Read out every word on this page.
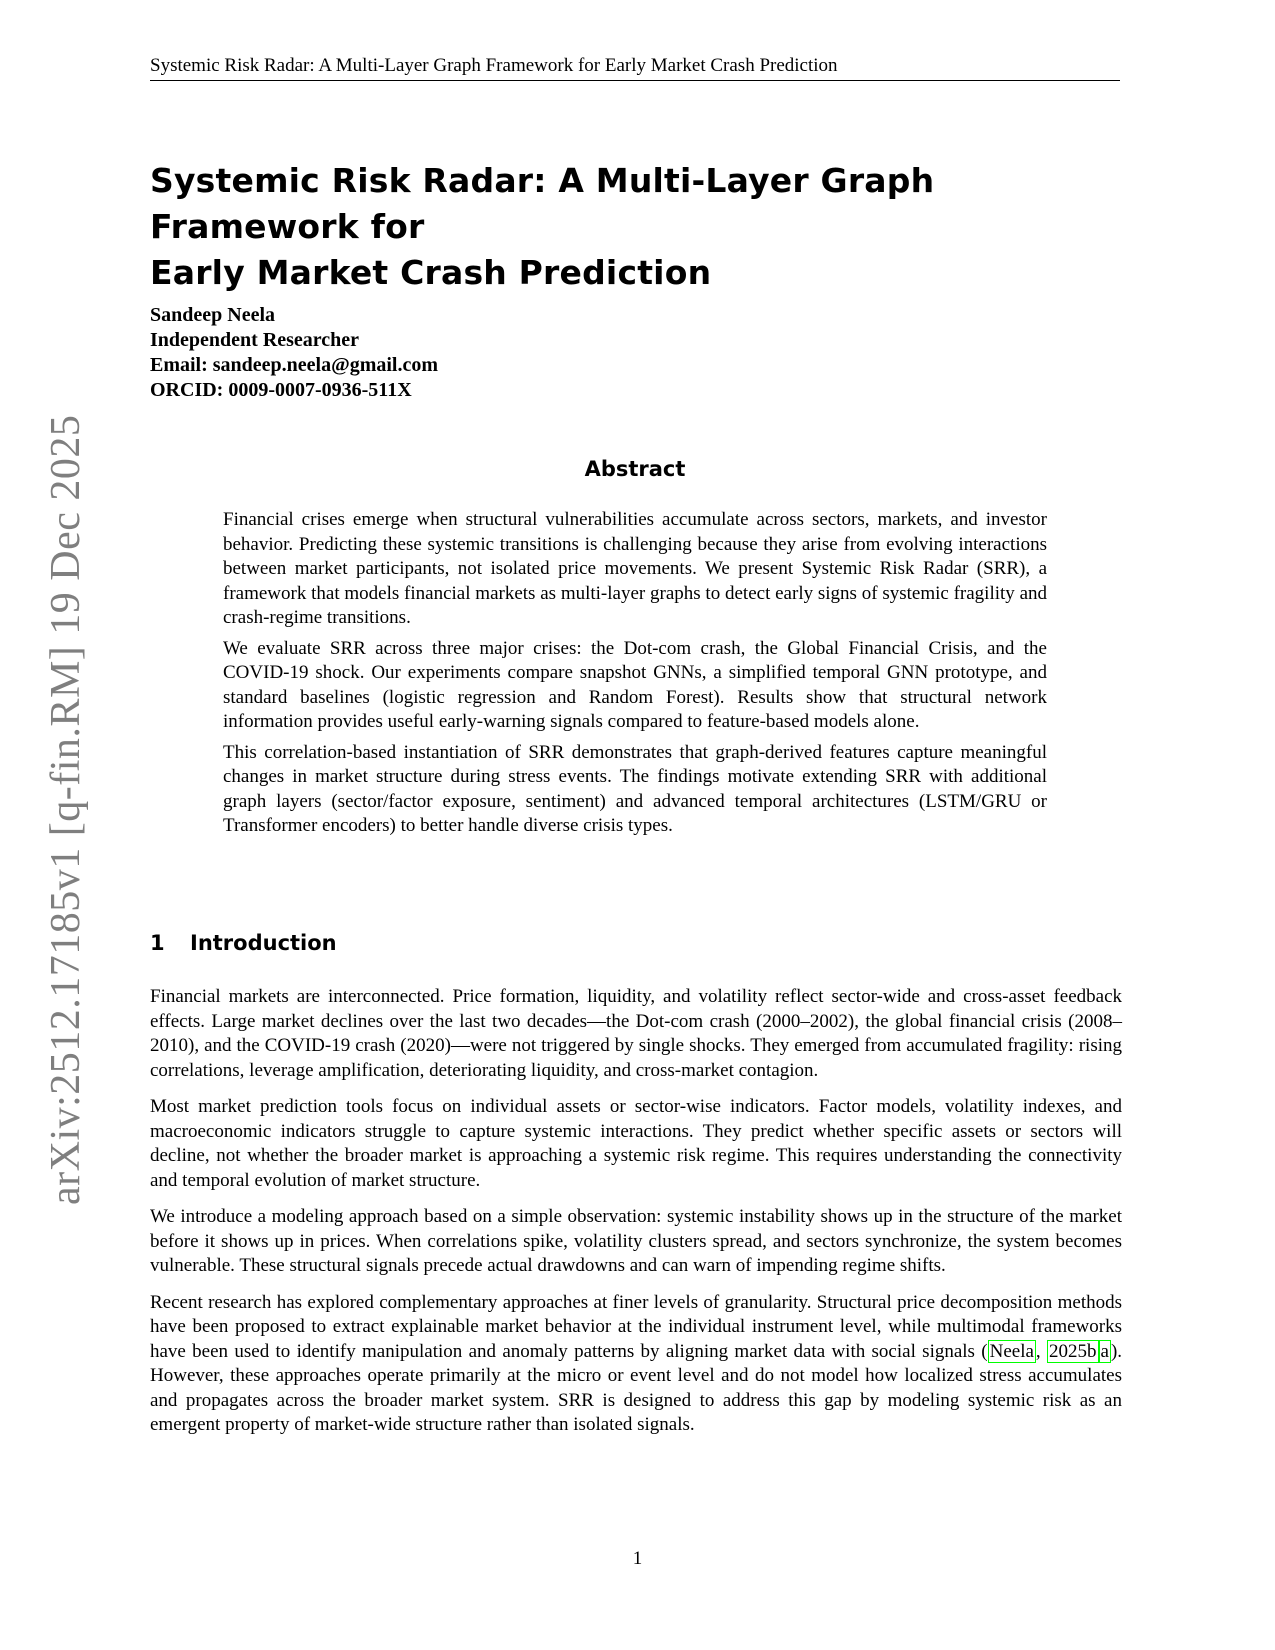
Systemic Risk Radar: A Multi-Layer Graph Framework for Early Market Crash Prediction
Systemic Risk Radar: A Multi-Layer Graph Framework for
Early Market Crash Prediction
Sandeep Neela
Independent Researcher
Email: sandeep.neela@gmail.com
ORCID: 0009-0007-0936-511X
Abstract

Financial crises emerge when structural vulnerabilities accumulate across sectors, markets, and investor behavior. Predicting these systemic transitions is challenging because they arise from evolving interactions between market participants, not isolated price movements. We present Systemic Risk Radar (SRR), a framework that models financial markets as multi-layer graphs to detect early signs of systemic fragility and crash-regime transitions.

We evaluate SRR across three major crises: the Dot-com crash, the Global Financial Crisis, and the COVID-19 shock. Our experiments compare snapshot GNNs, a simplified temporal GNN prototype, and standard baselines (logistic regression and Random Forest). Results show that structural network information provides useful early-warning signals compared to feature-based models alone.

This correlation-based instantiation of SRR demonstrates that graph-derived features capture meaningful changes in market structure during stress events. The findings motivate extending SRR with additional graph layers (sector/factor exposure, sentiment) and advanced temporal architectures (LSTM/GRU or Transformer encoders) to better handle diverse crisis types.

1 Introduction

Financial markets are interconnected. Price formation, liquidity, and volatility reflect sector-wide and cross-asset feedback effects. Large market declines over the last two decades—the Dot-com crash (2000–2002), the global financial crisis (2008–2010), and the COVID-19 crash (2020)—were not triggered by single shocks. They emerged from accumulated fragility: rising correlations, leverage amplification, deteriorating liquidity, and cross-market contagion.

Most market prediction tools focus on individual assets or sector-wise indicators. Factor models, volatility indexes, and macroeconomic indicators struggle to capture systemic interactions. They predict whether specific assets or sectors will decline, not whether the broader market is approaching a systemic risk regime. This requires understanding the connectivity and temporal evolution of market structure.

We introduce a modeling approach based on a simple observation: systemic instability shows up in the structure of the market before it shows up in prices. When correlations spike, volatility clusters spread, and sectors synchronize, the system becomes vulnerable. These structural signals precede actual drawdowns and can warn of impending regime shifts.

Recent research has explored complementary approaches at finer levels of granularity. Structural price decomposition methods have been proposed to extract explainable market behavior at the individual instrument level, while multimodal frameworks have been used to identify manipulation and anomaly patterns by aligning market data with social signals ( Neela , 2025b a ). However, these approaches operate primarily at the micro or event level and do not model how localized stress accumulates and propagates across the broader market system. SRR is designed to address this gap by modeling systemic risk as an emergent property of market-wide structure rather than isolated signals.

arXiv:2512.17185v1 [q-fin.RM] 19 Dec 2025
1
